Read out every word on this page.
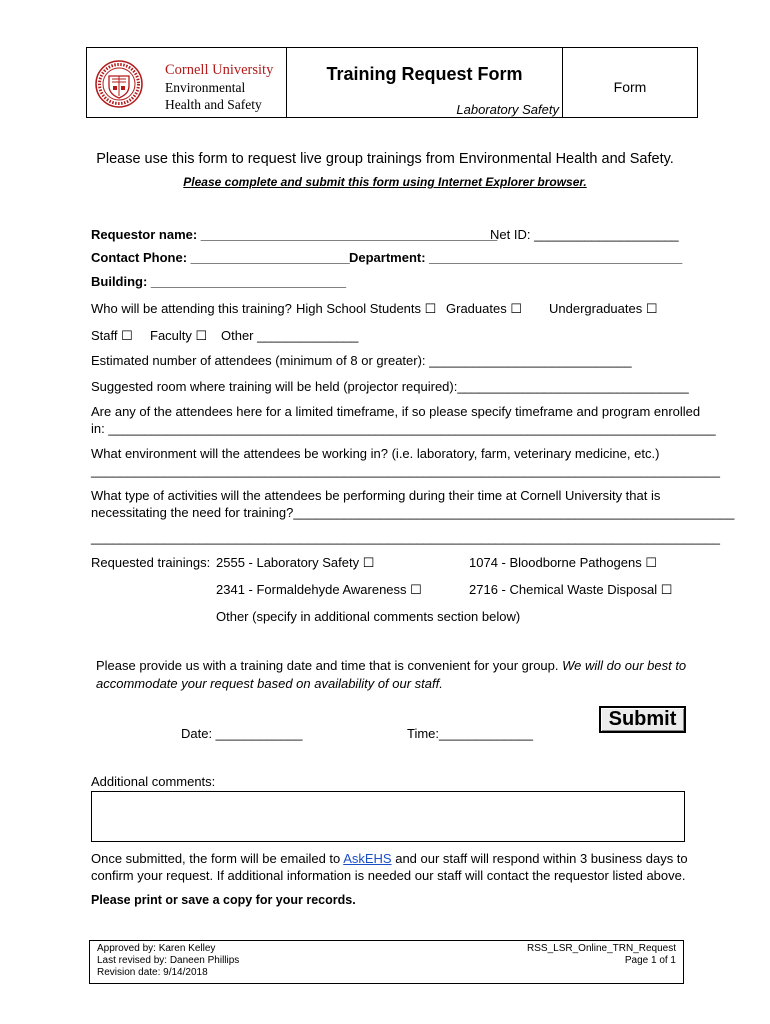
Cornell University
Environmental
Health and Safety
Training Request Form
Laboratory Safety
Form
Please use this form to request live group trainings from Environmental Health and Safety.
Please complete and submit this form using Internet Explorer browser.
Requestor name: _________________________________________
Net ID: ____________________
Contact Phone: ______________________ Department: ___________________________________
Building: ___________________________
Who will be attending this training? High School Students ☐ Graduates ☐ Undergraduates ☐
Staff ☐ Faculty ☐ Other ______________
Estimated number of attendees (minimum of 8 or greater): ____________________________
Suggested room where training will be held (projector required):________________________________
Are any of the attendees here for a limited timeframe, if so please specify timeframe and program enrolled
in: ____________________________________________________________________________________
What environment will the attendees be working in? (i.e. laboratory, farm, veterinary medicine, etc.)
_______________________________________________________________________________________
What type of activities will the attendees be performing during their time at Cornell University that is
necessitating the need for training?_____________________________________________________________
_______________________________________________________________________________________
Requested trainings: 2555 - Laboratory Safety ☐	1074 - Bloodborne Pathogens ☐
2341 - Formaldehyde Awareness ☐	2716 - Chemical Waste Disposal ☐
Other (specify in additional comments section below)
Please provide us with a training date and time that is convenient for your group. We will do our best to
accommodate your request based on availability of our staff.
Date: ____________	Time:_____________
Submit
Additional comments:
Once submitted, the form will be emailed to AskEHS and our staff will respond within 3 business days to
confirm your request. If additional information is needed our staff will contact the requestor listed above.
Please print or save a copy for your records.
Approved by: Karen Kelley
Last revised by: Daneen Phillips
Revision date: 9/14/2018
RSS_LSR_Online_TRN_Request
Page 1 of 1
